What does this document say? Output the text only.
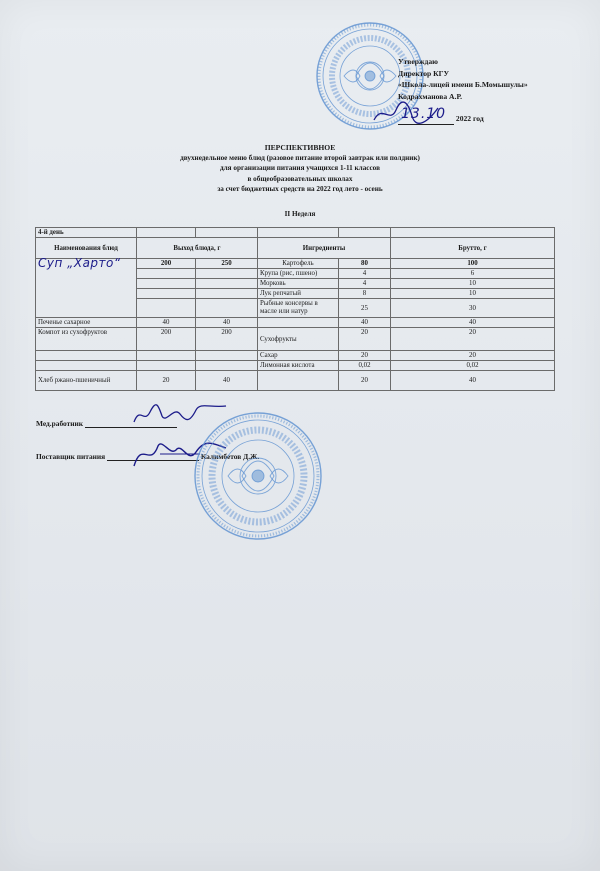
Утверждаю
Директор КГУ
«Школа-лицей имени Б.Момышулы»
Кодрахманова А.Р.

13.10 2022 год
ПЕРСПЕКТИВНОЕ
двухнедельное меню блюд (разовое питание второй завтрак или полдник)
для организации питания учащихся 1-11 классов
в общеобразовательных школах
за счет бюджетных средств на 2022 год лето - осень
II Неделя
4-й день					
Наименования блюд	Выход блюда, г		Ингредиенты		Брутто, г
Суп „Харто“	200	250	Картофель	80	100
			Крупа (рис, пшено)	4	6
			Морковь	4	10
			Лук репчатый	8	10
			Рыбные консервы в масле или натур	25	30
Печенье сахарное	40	40		40	40
Компот из сухофруктов	200	200	Сухофрукты	20	20
			Сахар	20	20
			Лимонная кислота	0,02	0,02
Хлеб ржано-пшеничный	20	40		20	40
Мед.работник
Поставщик питания	Калимбетов Д.Ж.
